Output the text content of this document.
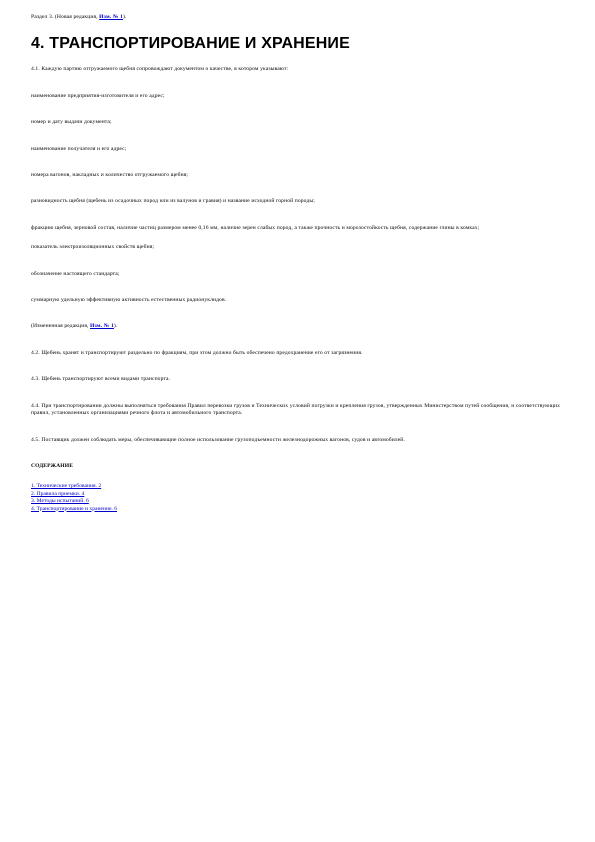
Раздел 3. (Новая редакция, Изм. № 1).

4. ТРАНСПОРТИРОВАНИЕ И ХРАНЕНИЕ

4.1. Каждую партию отгружаемого щебня сопровождают документом о качестве, в котором указывают:

наименование предприятия-изготовителя и его адрес;

номер и дату выдачи документа;

наименование получателя и его адрес;

номера вагонов, накладных и количество отгружаемого щебня;

разновидность щебня (щебень из осадочных пород или из валунов и гравия) и название исходной горной породы;

фракцию щебня, зерновой состав, наличие частиц размером менее 0,16 мм, наличие зерен слабых пород, а также прочность и морозостойкость щебня, содержание глины в комках;

показатель электроизоляционных свойств щебня;

обозначение настоящего стандарта;

суммарную удельную эффективную активность естественных радионуклидов.

(Измененная редакция, Изм. № 1).

4.2. Щебень хранят и транспортируют раздельно по фракциям, при этом должно быть обеспечено предохранение его от загрязнения.

4.3. Щебень транспортируют всеми видами транспорта.

4.4. При транспортировании должны выполняться требования Правил перевозки грузов и Технических условий погрузки и крепления грузов, утвержденных Министерством путей сообщения, и соответствующих правил, установленных организациями речного флота и автомобильного транспорта.

4.5. Поставщик должен соблюдать меры, обеспечивающие полное использование грузоподъемности железнодорожных вагонов, судов и автомобилей.

СОДЕРЖАНИЕ

1. Технические требования. 2
2. Правила приемки. 4
3. Методы испытаний. 6
4. Транспортирование и хранение. 6
